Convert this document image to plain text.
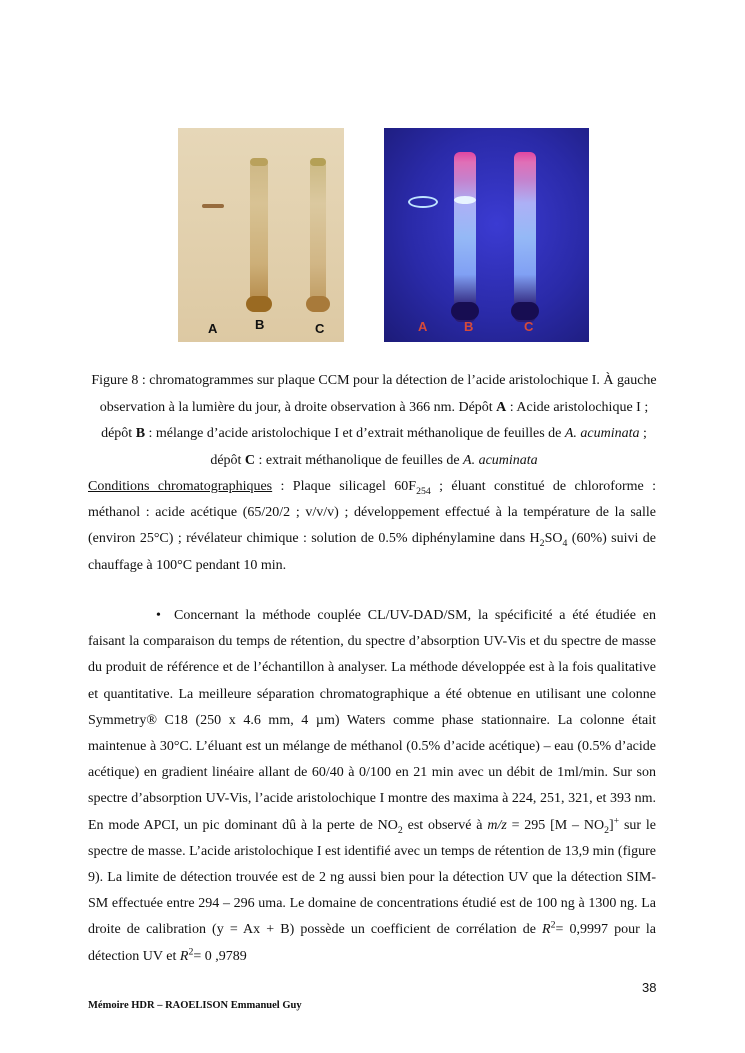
A	B	C	A	B	C
Figure 8 : chromatogrammes sur plaque CCM pour la détection de l’acide aristolochique I. À gauche observation à la lumière du jour, à droite observation à 366 nm. Dépôt A : Acide aristolochique I ; dépôt B : mélange d’acide aristolochique I et d’extrait méthanolique de feuilles de A. acuminata ; dépôt C : extrait méthanolique de feuilles de A. acuminata
Conditions chromatographiques : Plaque silicagel $60F_{254}$ ; éluant constitué de chloroforme : méthanol : acide acétique (65/20/2 ; v/v/v) ; développement effectué à la température de la salle (environ 25°C) ; révélateur chimique : solution de 0.5% diphénylamine dans $H_2SO_4$ (60%) suivi de chauffage à 100°C pendant 10 min.
• Concernant la méthode couplée CL/UV-DAD/SM, la spécificité a été étudiée en faisant la comparaison du temps de rétention, du spectre d’absorption UV-Vis et du spectre de masse du produit de référence et de l’échantillon à analyser. La méthode développée est à la fois qualitative et quantitative. La meilleure séparation chromatographique a été obtenue en utilisant une colonne Symmetry® C18 (250 x 4.6 mm, 4 µm) Waters comme phase stationnaire. La colonne était maintenue à 30°C. L’éluant est un mélange de méthanol (0.5% d’acide acétique) – eau (0.5% d’acide acétique) en gradient linéaire allant de 60/40 à 0/100 en 21 min avec un débit de 1ml/min. Sur son spectre d’absorption UV-Vis, l’acide aristolochique I montre des maxima à 224, 251, 321, et 393 nm. En mode APCI, un pic dominant dû à la perte de $NO_2$ est observé à m/z = 295 $[M - NO_2]^+$ sur le spectre de masse. L’acide aristolochique I est identifié avec un temps de rétention de 13,9 min (figure 9). La limite de détection trouvée est de 2 ng aussi bien pour la détection UV que la détection SIM-SM effectuée entre 294 – 296 uma. Le domaine de concentrations étudié est de 100 ng à 1300 ng. La droite de calibration (y = Ax + B) possède un coefficient de corrélation de $R^2= 0,9997$ pour la détection UV et $R^2= 0$ ,9789
38
Mémoire HDR – RAOELISON Emmanuel Guy
